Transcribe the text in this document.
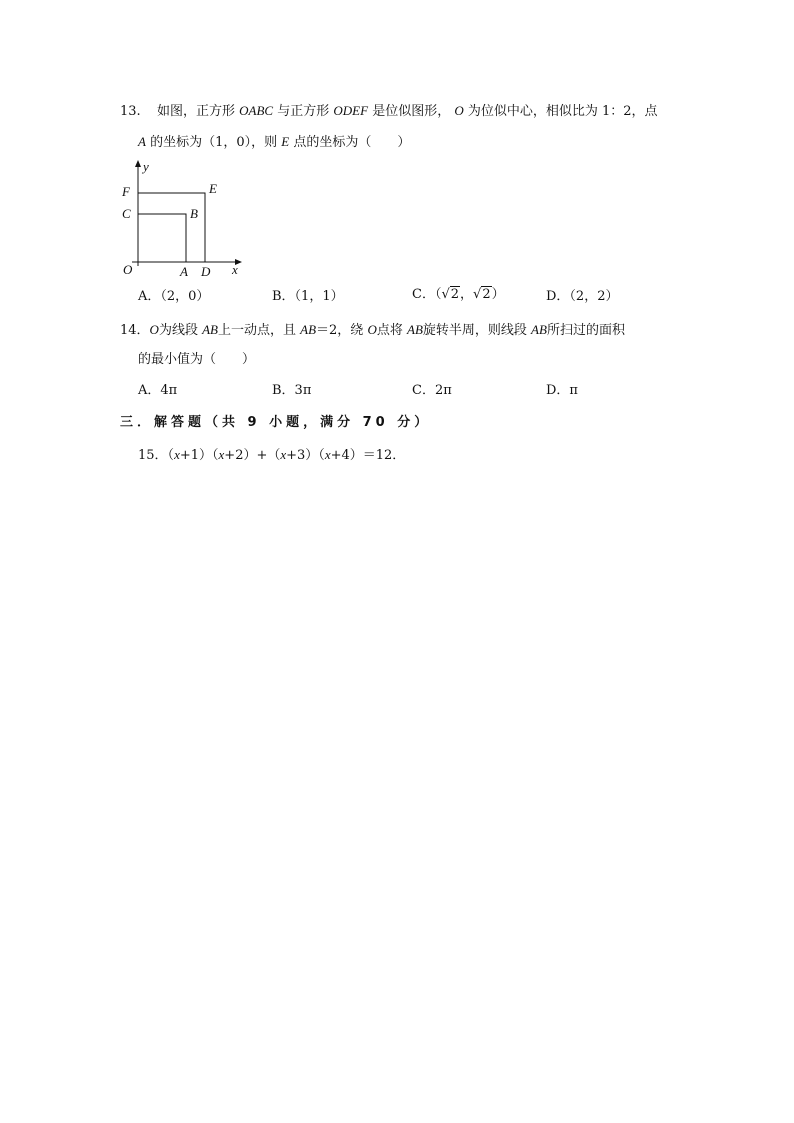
13. 如图，正方形 OABC 与正方形 ODEF 是位似图形， O 为位似中心，相似比为 1：2，点
A 的坐标为（1，0），则 E 点的坐标为（　　）
y
x
F	E
C	B
O	A D
A．（2，0）	B．（1，1）	C．（√2，√2）	D．（2，2）
14．O为线段 AB上一动点，且 AB＝2，绕 O点将 AB旋转半周，则线段 AB所扫过的面积
的最小值为（　　）
A．4π	B．3π	C．2π	D．π
三．解答题（共 9 小题，满分 70 分）
15．（x+1）（x+2）+（x+3）（x+4）＝12．
